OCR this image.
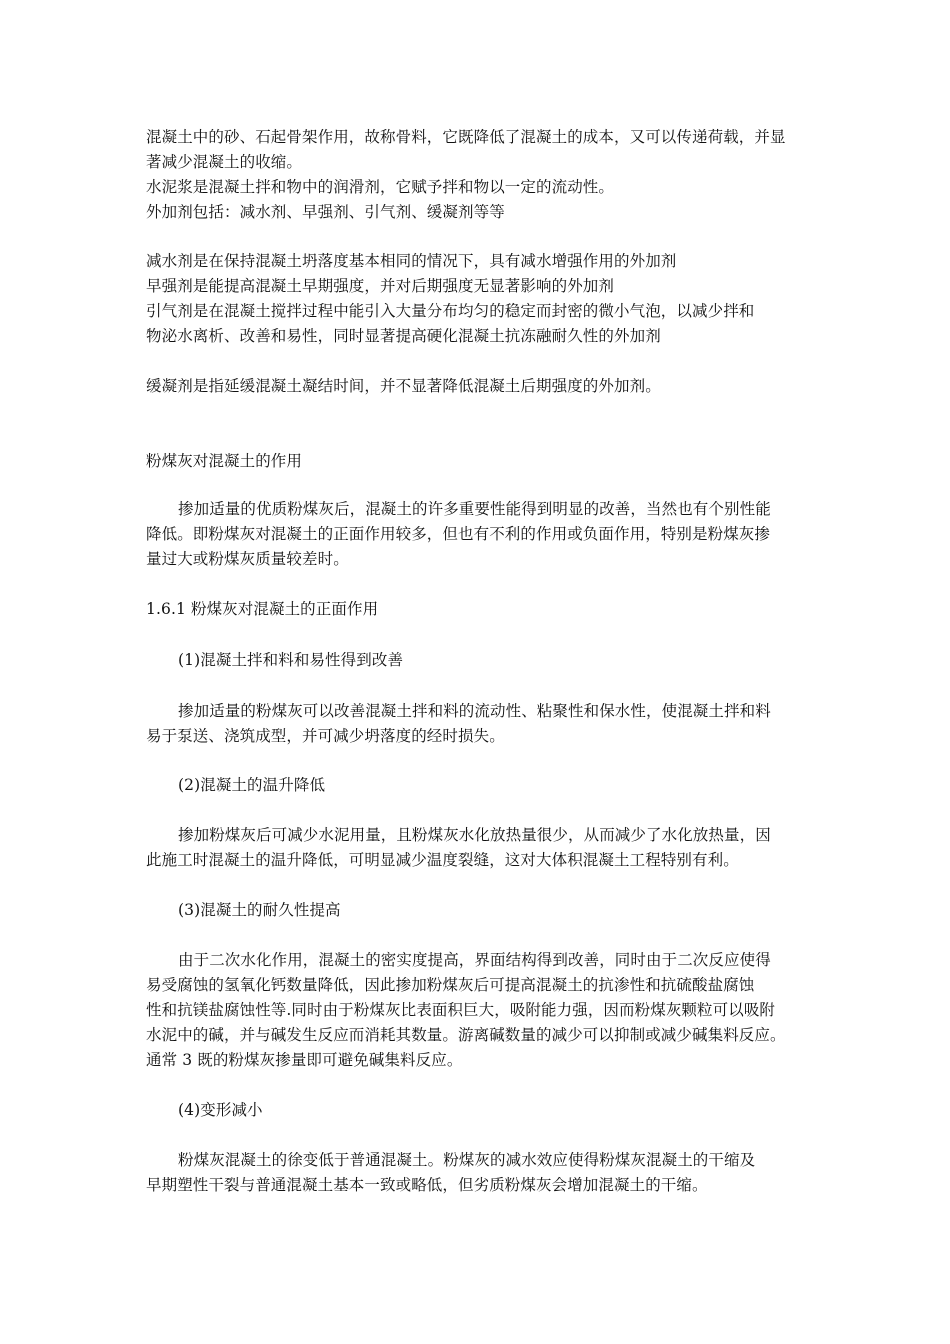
混凝土中的砂、石起骨架作用，故称骨料，它既降低了混凝土的成本，又可以传递荷载，并显
著减少混凝土的收缩。
水泥浆是混凝土拌和物中的润滑剂，它赋予拌和物以一定的流动性。
外加剂包括：减水剂、早强剂、引气剂、缓凝剂等等
减水剂是在保持混凝土坍落度基本相同的情况下，具有减水增强作用的外加剂
早强剂是能提高混凝土早期强度，并对后期强度无显著影响的外加剂
引气剂是在混凝土搅拌过程中能引入大量分布均匀的稳定而封密的微小气泡，以减少拌和
物泌水离析、改善和易性，同时显著提高硬化混凝土抗冻融耐久性的外加剂
缓凝剂是指延缓混凝土凝结时间，并不显著降低混凝土后期强度的外加剂。
粉煤灰对混凝土的作用
掺加适量的优质粉煤灰后，混凝土的许多重要性能得到明显的改善，当然也有个别性能
降低。即粉煤灰对混凝土的正面作用较多，但也有不利的作用或负面作用，特别是粉煤灰掺
量过大或粉煤灰质量较差时。
1.6.1 粉煤灰对混凝土的正面作用
(1)混凝土拌和料和易性得到改善
掺加适量的粉煤灰可以改善混凝土拌和料的流动性、粘聚性和保水性，使混凝土拌和料
易于泵送、浇筑成型，并可减少坍落度的经时损失。
(2)混凝土的温升降低
掺加粉煤灰后可减少水泥用量，且粉煤灰水化放热量很少，从而减少了水化放热量，因
此施工时混凝土的温升降低，可明显减少温度裂缝，这对大体积混凝土工程特别有利。
(3)混凝土的耐久性提高
由于二次水化作用，混凝土的密实度提高，界面结构得到改善，同时由于二次反应使得
易受腐蚀的氢氧化钙数量降低，因此掺加粉煤灰后可提高混凝土的抗渗性和抗硫酸盐腐蚀
性和抗镁盐腐蚀性等.同时由于粉煤灰比表面积巨大，吸附能力强，因而粉煤灰颗粒可以吸附
水泥中的碱，并与碱发生反应而消耗其数量。游离碱数量的减少可以抑制或减少碱集料反应。
通常 3 既的粉煤灰掺量即可避免碱集料反应。
(4)变形减小
粉煤灰混凝土的徐变低于普通混凝土。粉煤灰的减水效应使得粉煤灰混凝土的干缩及
早期塑性干裂与普通混凝土基本一致或略低，但劣质粉煤灰会增加混凝土的干缩。
